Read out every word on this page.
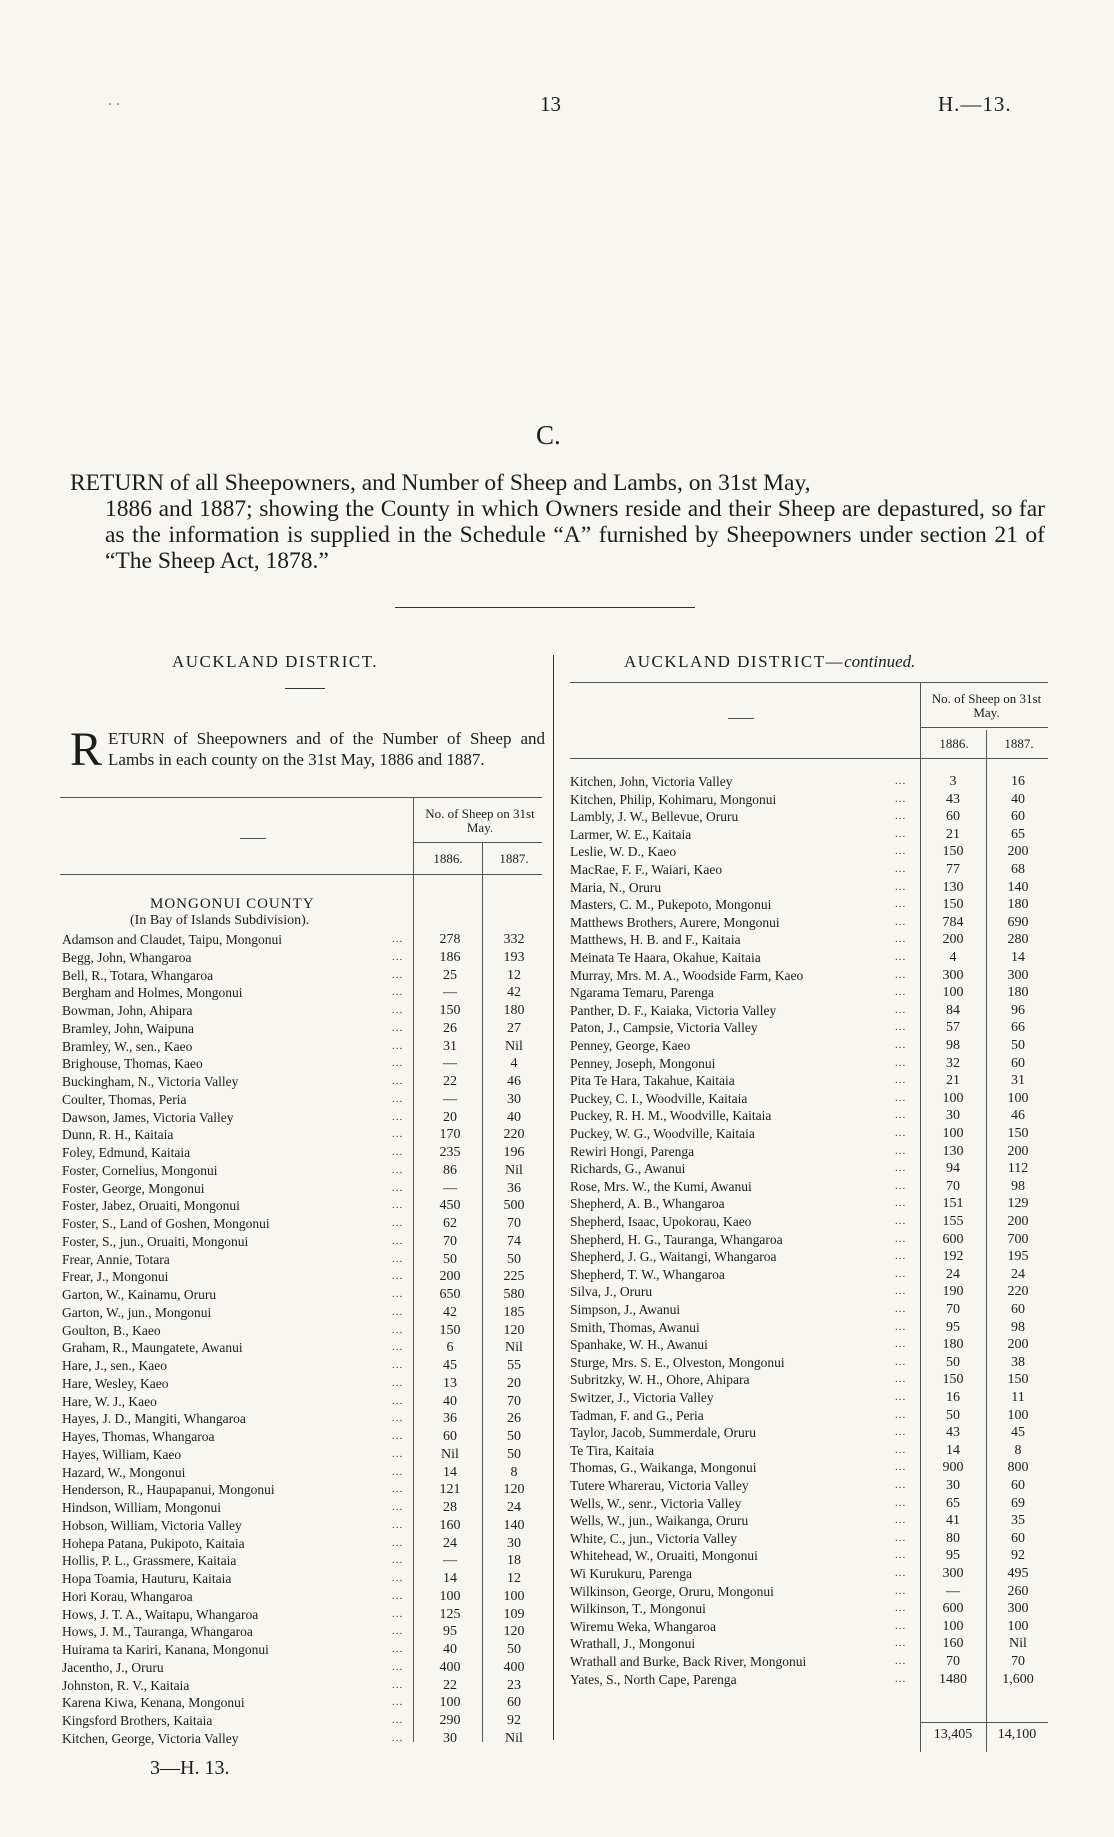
. .	13	H.—13.
C.
RETURN of all Sheepowners, and Number of Sheep and Lambs, on 31st May,
1886 and 1887; showing the County in which Owners reside and their Sheep are depastured, so far as the information is supplied in the Schedule “A” furnished by Sheepowners under section 21 of “The Sheep Act, 1878.”
AUCKLAND DISTRICT.
RETURN of Sheepowners and of the Number of Sheep and Lambs in each county on the 31st May, 1886 and 1887.
No. of Sheep on 31st May.
1886.	1887.
MONGONUI COUNTY
(In Bay of Islands Subdivision).
Adamson and Claudet, Taipu, Mongonui	...	278	332
Begg, John, Whangaroa	...	186	193
Bell, R., Totara, Whangaroa	...	25	12
Bergham and Holmes, Mongonui	...	—	42
Bowman, John, Ahipara	...	150	180
Bramley, John, Waipuna	...	26	27
Bramley, W., sen., Kaeo	...	31	Nil
Brighouse, Thomas, Kaeo	...	—	4
Buckingham, N., Victoria Valley	...	22	46
Coulter, Thomas, Peria	...	—	30
Dawson, James, Victoria Valley	...	20	40
Dunn, R. H., Kaitaia	...	170	220
Foley, Edmund, Kaitaia	...	235	196
Foster, Cornelius, Mongonui	...	86	Nil
Foster, George, Mongonui	...	—	36
Foster, Jabez, Oruaiti, Mongonui	...	450	500
Foster, S., Land of Goshen, Mongonui	...	62	70
Foster, S., jun., Oruaiti, Mongonui	...	70	74
Frear, Annie, Totara	...	50	50
Frear, J., Mongonui	...	200	225
Garton, W., Kainamu, Oruru	...	650	580
Garton, W., jun., Mongonui	...	42	185
Goulton, B., Kaeo	...	150	120
Graham, R., Maungatete, Awanui	...	6	Nil
Hare, J., sen., Kaeo	...	45	55
Hare, Wesley, Kaeo	...	13	20
Hare, W. J., Kaeo	...	40	70
Hayes, J. D., Mangiti, Whangaroa	...	36	26
Hayes, Thomas, Whangaroa	...	60	50
Hayes, William, Kaeo	...	Nil	50
Hazard, W., Mongonui	...	14	8
Henderson, R., Haupapanui, Mongonui	...	121	120
Hindson, William, Mongonui	...	28	24
Hobson, William, Victoria Valley	...	160	140
Hohepa Patana, Pukipoto, Kaitaia	...	24	30
Hollis, P. L., Grassmere, Kaitaia	...	—	18
Hopa Toamia, Hauturu, Kaitaia	...	14	12
Hori Korau, Whangaroa	...	100	100
Hows, J. T. A., Waitapu, Whangaroa	...	125	109
Hows, J. M., Tauranga, Whangaroa	...	95	120
Huirama ta Kariri, Kanana, Mongonui	...	40	50
Jacentho, J., Oruru	...	400	400
Johnston, R. V., Kaitaia	...	22	23
Karena Kiwa, Kenana, Mongonui	...	100	60
Kingsford Brothers, Kaitaia	...	290	92
Kitchen, George, Victoria Valley	...	30	Nil
3—H. 13.
AUCKLAND DISTRICT—continued.
No. of Sheep on 31st May.
1886.	1887.
Kitchen, John, Victoria Valley	...	3	16
Kitchen, Philip, Kohimaru, Mongonui	...	43	40
Lambly, J. W., Bellevue, Oruru	...	60	60
Larmer, W. E., Kaitaia	...	21	65
Leslie, W. D., Kaeo	...	150	200
MacRae, F. F., Waiari, Kaeo	...	77	68
Maria, N., Oruru	...	130	140
Masters, C. M., Pukepoto, Mongonui	...	150	180
Matthews Brothers, Aurere, Mongonui	...	784	690
Matthews, H. B. and F., Kaitaia	...	200	280
Meinata Te Haara, Okahue, Kaitaia	...	4	14
Murray, Mrs. M. A., Woodside Farm, Kaeo	...	300	300
Ngarama Temaru, Parenga	...	100	180
Panther, D. F., Kaiaka, Victoria Valley	...	84	96
Paton, J., Campsie, Victoria Valley	...	57	66
Penney, George, Kaeo	...	98	50
Penney, Joseph, Mongonui	...	32	60
Pita Te Hara, Takahue, Kaitaia	...	21	31
Puckey, C. I., Woodville, Kaitaia	...	100	100
Puckey, R. H. M., Woodville, Kaitaia	...	30	46
Puckey, W. G., Woodville, Kaitaia	...	100	150
Rewiri Hongi, Parenga	...	130	200
Richards, G., Awanui	...	94	112
Rose, Mrs. W., the Kumi, Awanui	...	70	98
Shepherd, A. B., Whangaroa	...	151	129
Shepherd, Isaac, Upokorau, Kaeo	...	155	200
Shepherd, H. G., Tauranga, Whangaroa	...	600	700
Shepherd, J. G., Waitangi, Whangaroa	...	192	195
Shepherd, T. W., Whangaroa	...	24	24
Silva, J., Oruru	...	190	220
Simpson, J., Awanui	...	70	60
Smith, Thomas, Awanui	...	95	98
Spanhake, W. H., Awanui	...	180	200
Sturge, Mrs. S. E., Olveston, Mongonui	...	50	38
Subritzky, W. H., Ohore, Ahipara	...	150	150
Switzer, J., Victoria Valley	...	16	11
Tadman, F. and G., Peria	...	50	100
Taylor, Jacob, Summerdale, Oruru	...	43	45
Te Tira, Kaitaia	...	14	8
Thomas, G., Waikanga, Mongonui	...	900	800
Tutere Wharerau, Victoria Valley	...	30	60
Wells, W., senr., Victoria Valley	...	65	69
Wells, W., jun., Waikanga, Oruru	...	41	35
White, C., jun., Victoria Valley	...	80	60
Whitehead, W., Oruaiti, Mongonui	...	95	92
Wi Kurukuru, Parenga	...	300	495
Wilkinson, George, Oruru, Mongonui	...	—	260
Wilkinson, T., Mongonui	...	600	300
Wiremu Weka, Whangaroa	...	100	100
Wrathall, J., Mongonui	...	160	Nil
Wrathall and Burke, Back River, Mongonui	...	70	70
Yates, S., North Cape, Parenga	...	1480	1,600
13,405	14,100
